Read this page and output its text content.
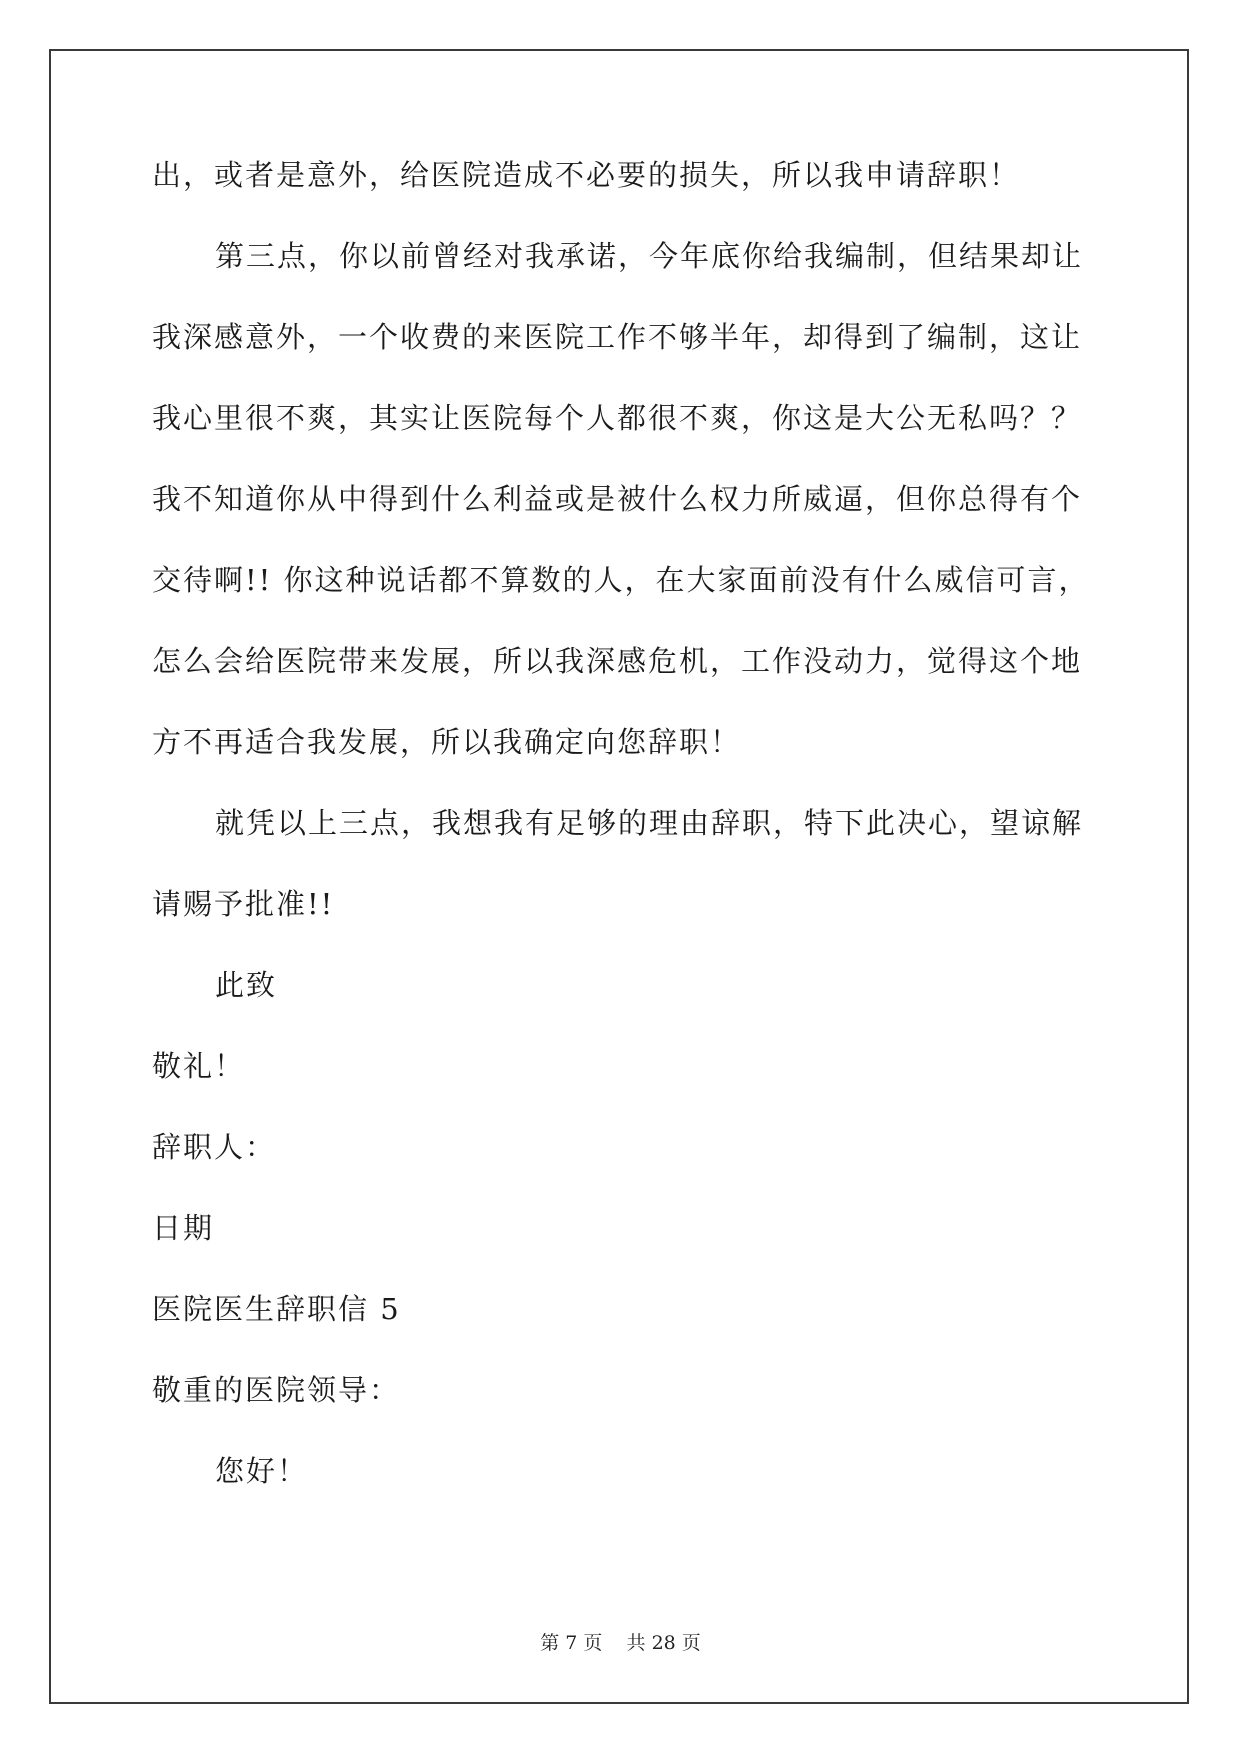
出，或者是意外，给医院造成不必要的损失，所以我申请辞职！
第三点，你以前曾经对我承诺，今年底你给我编制，但结果却让
我深感意外，一个收费的来医院工作不够半年，却得到了编制，这让
我心里很不爽，其实让医院每个人都很不爽，你这是大公无私吗？？
我不知道你从中得到什么利益或是被什么权力所威逼，但你总得有个
交待啊!! 你这种说话都不算数的人，在大家面前没有什么威信可言，
怎么会给医院带来发展，所以我深感危机，工作没动力，觉得这个地
方不再适合我发展，所以我确定向您辞职！
就凭以上三点，我想我有足够的理由辞职，特下此决心，望谅解
请赐予批准!!
此致
敬礼！
辞职人：
日期
医院医生辞职信 5
敬重的医院领导：
您好！
第 7 页    共 28 页
